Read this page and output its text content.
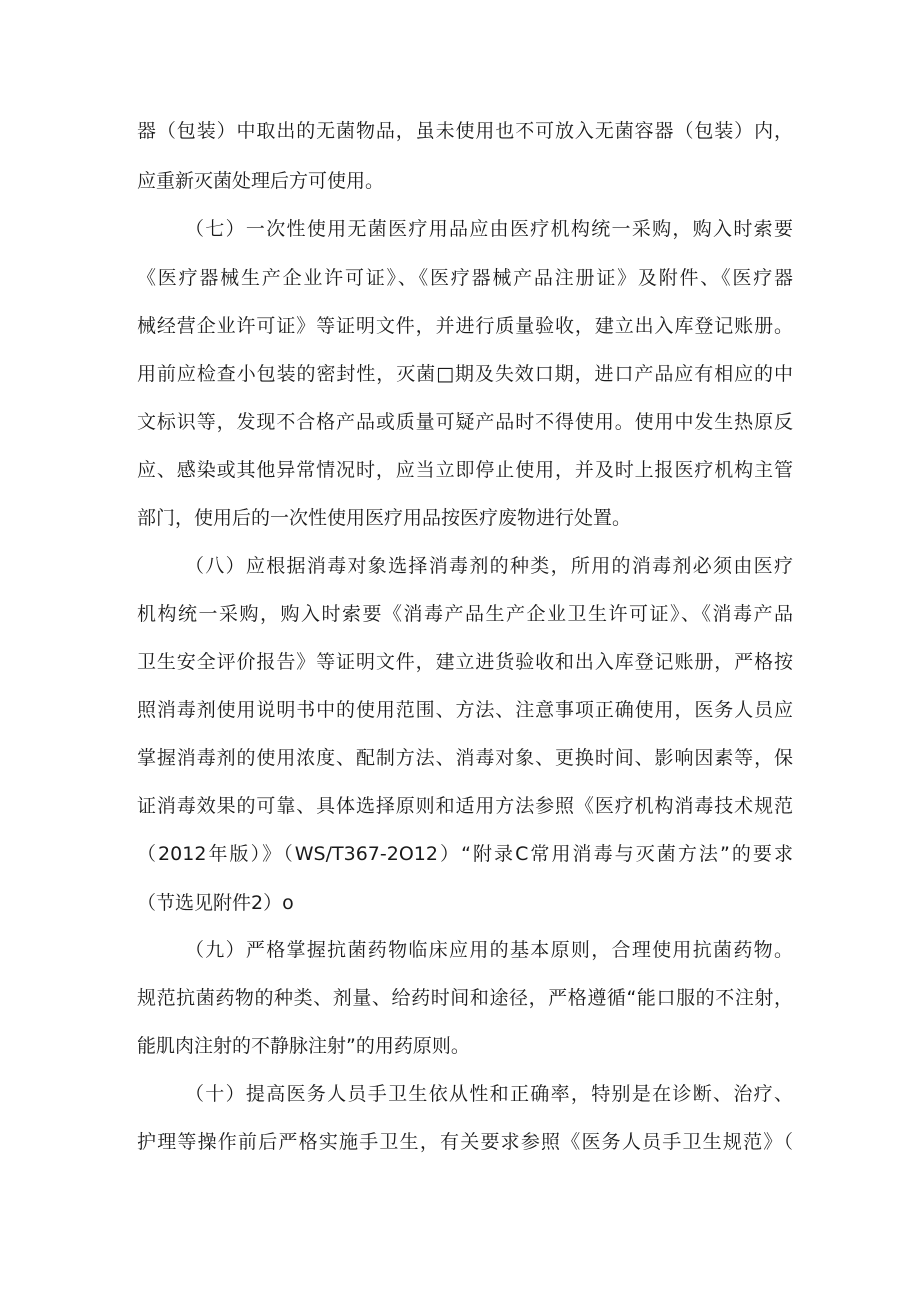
器（包装）中取出的无菌物品，虽未使用也不可放入无菌容器（包装）内，
应重新灭菌处理后方可使用。
（七）一次性使用无菌医疗用品应由医疗机构统一采购，购入时索要
《医疗器械生产企业许可证》、《医疗器械产品注册证》及附件、《医疗器
械经营企业许可证》等证明文件，并进行质量验收，建立出入库登记账册。
用前应检查小包装的密封性，灭菌□期及失效口期，进口产品应有相应的中
文标识等，发现不合格产品或质量可疑产品时不得使用。使用中发生热原反
应、感染或其他异常情况时，应当立即停止使用，并及时上报医疗机构主管
部门，使用后的一次性使用医疗用品按医疗废物进行处置。
（八）应根据消毒对象选择消毒剂的种类，所用的消毒剂必须由医疗
机构统一采购，购入时索要《消毒产品生产企业卫生许可证》、《消毒产品
卫生安全评价报告》等证明文件，建立进货验收和出入库登记账册，严格按
照消毒剂使用说明书中的使用范围、方法、注意事项正确使用，医务人员应
掌握消毒剂的使用浓度、配制方法、消毒对象、更换时间、影响因素等，保
证消毒效果的可靠、具体选择原则和适用方法参照《医疗机构消毒技术规范
（2012年版）》（WS/T367-2O12）“附录C常用消毒与灭菌方法”的要求
（节选见附件2）o
（九）严格掌握抗菌药物临床应用的基本原则，合理使用抗菌药物。
规范抗菌药物的种类、剂量、给药时间和途径，严格遵循“能口服的不注射，
能肌肉注射的不静脉注射”的用药原则。
（十）提高医务人员手卫生依从性和正确率，特别是在诊断、治疗、
护理等操作前后严格实施手卫生，有关要求参照《医务人员手卫生规范》（
